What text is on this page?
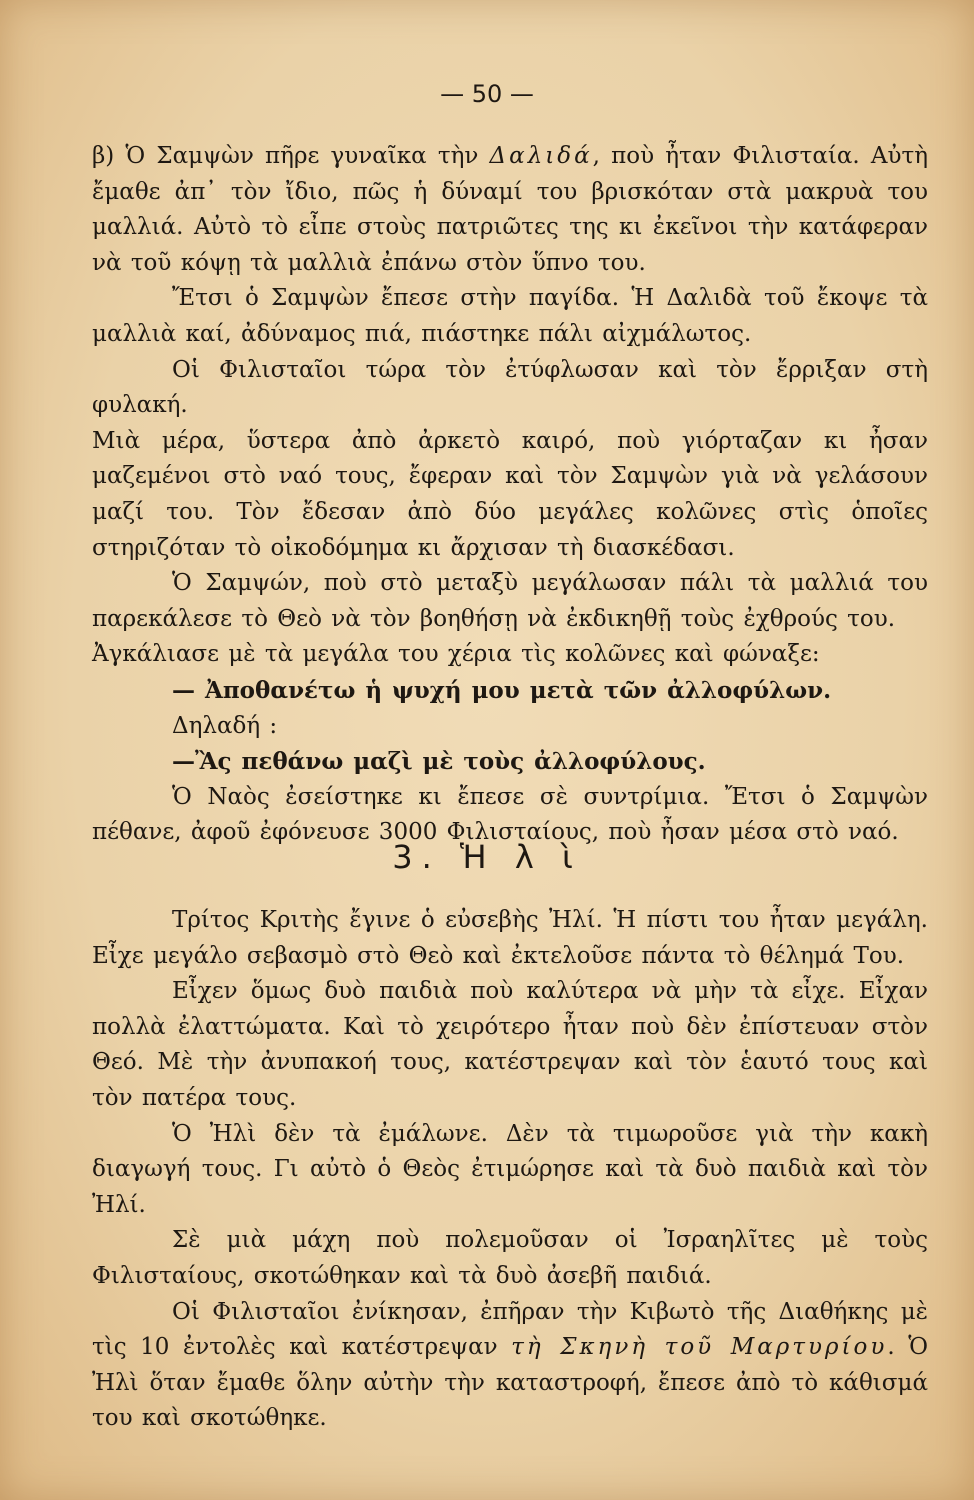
— 50 —

β) Ὁ Σαμψὼν πῆρε γυναῖκα τὴν Δαλιδά, ποὺ ἦταν Φιλισταία. Αὐτὴ ἔμαθε ἀπ᾿ τὸν ἴδιο, πῶς ἡ δύναμί του βρισκόταν στὰ μακρυὰ του μαλλιά. Αὐτὸ τὸ εἶπε στοὺς πατριῶτες της κι ἐκεῖνοι τὴν κατάφεραν νὰ τοῦ κόψῃ τὰ μαλλιὰ ἐπάνω στὸν ὕπνο του.

Ἔτσι ὁ Σαμψὼν ἔπεσε στὴν παγίδα. Ἡ Δαλιδὰ τοῦ ἔκοψε τὰ μαλλιὰ καί, ἀδύναμος πιά, πιάστηκε πάλι αἰχμάλωτος.

Οἱ Φιλισταῖοι τώρα τὸν ἐτύφλωσαν καὶ τὸν ἔρριξαν στὴ φυλακή.

Μιὰ μέρα, ὕστερα ἀπὸ ἀρκετὸ καιρό, ποὺ γιόρταζαν κι ἦσαν μαζεμένοι στὸ ναό τους, ἔφεραν καὶ τὸν Σαμψὼν γιὰ νὰ γελάσουν μαζί του. Τὸν ἔδεσαν ἀπὸ δύο μεγάλες κολῶνες στὶς ὁποῖες στηριζόταν τὸ οἰκοδόμημα κι ἄρχισαν τὴ διασκέδασι.

Ὁ Σαμψών, ποὺ στὸ μεταξὺ μεγάλωσαν πάλι τὰ μαλλιά του παρεκάλεσε τὸ Θεὸ νὰ τὸν βοηθήσῃ νὰ ἐκδικηθῇ τοὺς ἐχθρούς του.

Ἀγκάλιασε μὲ τὰ μεγάλα του χέρια τὶς κολῶνες καὶ φώναξε:

— Ἀποθανέτω ἡ ψυχή μου μετὰ τῶν ἀλλοφύλων.

Δηλαδή :

—Ἂς πεθάνω μαζὶ μὲ τοὺς ἀλλοφύλους.

Ὁ Ναὸς ἐσείστηκε κι ἔπεσε σὲ συντρίμια. Ἔτσι ὁ Σαμψὼν πέθανε, ἀφοῦ ἐφόνευσε 3000 Φιλισταίους, ποὺ ἦσαν μέσα στὸ ναό.

3. Ἡ λ ὶ

Τρίτος Κριτὴς ἔγινε ὁ εὐσεβὴς Ἠλί. Ἡ πίστι του ἦταν μεγάλη. Εἶχε μεγάλο σεβασμὸ στὸ Θεὸ καὶ ἐκτελοῦσε πάντα τὸ θέλημά Του.

Εἶχεν ὅμως δυὸ παιδιὰ ποὺ καλύτερα νὰ μὴν τὰ εἶχε. Εἶχαν πολλὰ ἐλαττώματα. Καὶ τὸ χειρότερο ἦταν ποὺ δὲν ἐπίστευαν στὸν Θεό. Μὲ τὴν ἀνυπακοή τους, κατέστρεψαν καὶ τὸν ἑαυτό τους καὶ τὸν πατέρα τους.

Ὁ Ἠλὶ δὲν τὰ ἐμάλωνε. Δὲν τὰ τιμωροῦσε γιὰ τὴν κακὴ διαγωγή τους. Γι αὐτὸ ὁ Θεὸς ἐτιμώρησε καὶ τὰ δυὸ παιδιὰ καὶ τὸν Ἠλί.

Σὲ μιὰ μάχη ποὺ πολεμοῦσαν οἱ Ἰσραηλῖτες μὲ τοὺς Φιλισταίους, σκοτώθηκαν καὶ τὰ δυὸ ἀσεβῆ παιδιά.

Οἱ Φιλισταῖοι ἐνίκησαν, ἐπῆραν τὴν Κιβωτὸ τῆς Διαθήκης μὲ τὶς 10 ἐντολὲς καὶ κατέστρεψαν τὴ Σκηνὴ τοῦ Μαρτυρίου. Ὁ Ἠλὶ ὅταν ἔμαθε ὅλην αὐτὴν τὴν καταστροφή, ἔπεσε ἀπὸ τὸ κάθισμά του καὶ σκοτώθηκε.
